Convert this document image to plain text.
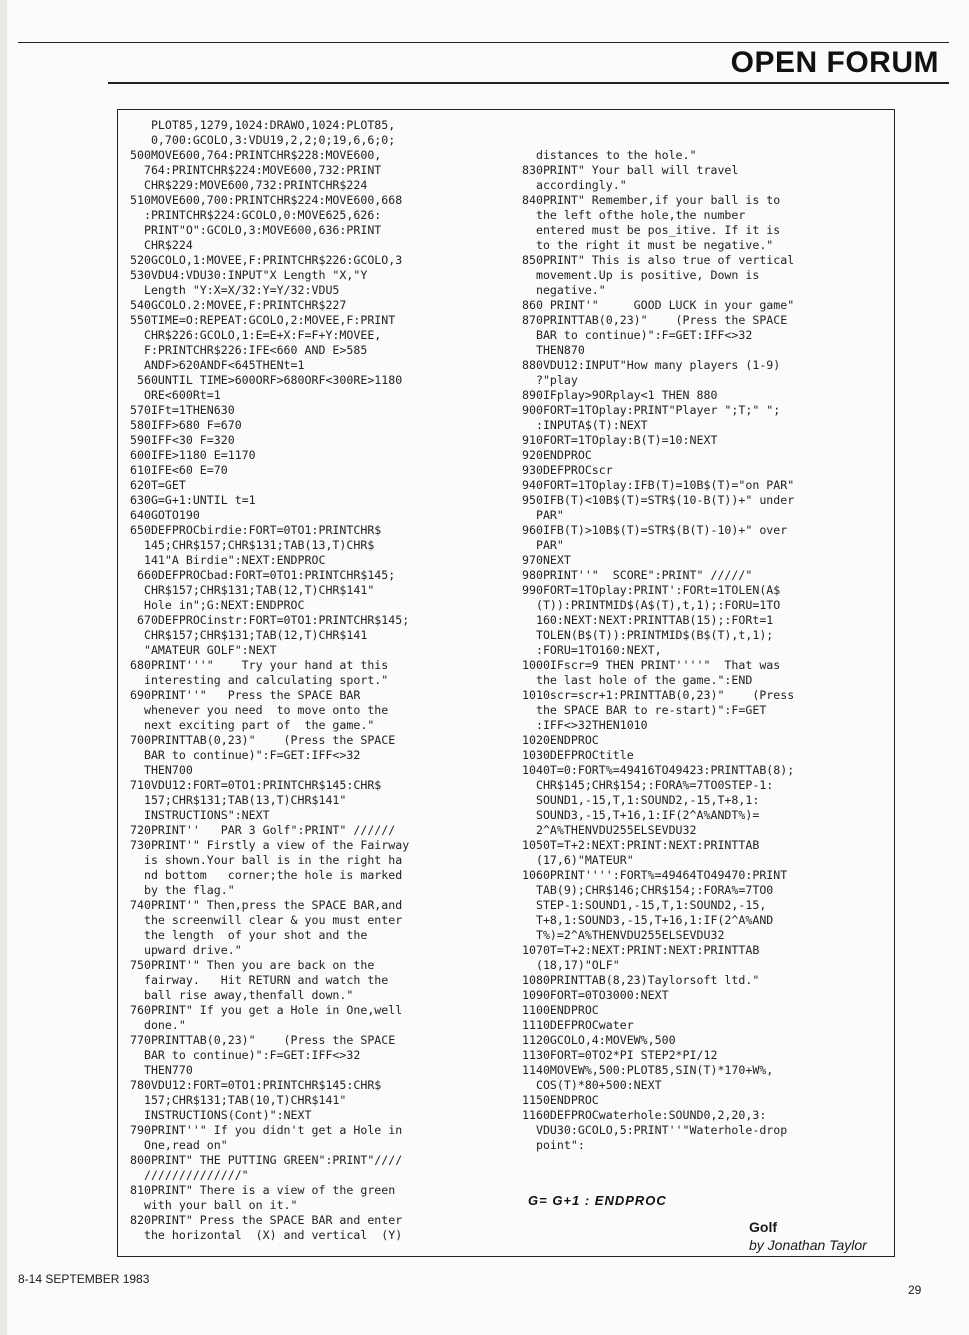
OPEN FORUM
PLOT85,1279,1024:DRAWO,1024:PLOT85,
0,700:GCOLO,3:VDU19,2,2;0;19,6,6;0;
500MOVE600,764:PRINTCHR$228:MOVE600,
764:PRINTCHR$224:MOVE600,732:PRINT
CHR$229:MOVE600,732:PRINTCHR$224
510MOVE600,700:PRINTCHR$224:MOVE600,668
:PRINTCHR$224:GCOLO,0:MOVE625,626:
PRINT"O":GCOLO,3:MOVE600,636:PRINT
CHR$224
520GCOLO,1:MOVEE,F:PRINTCHR$226:GCOLO,3
530VDU4:VDU30:INPUT"X Length "X,"Y
Length "Y:X=X/32:Y=Y/32:VDU5
540GCOLO.2:MOVEE,F:PRINTCHR$227
550TIME=O:REPEAT:GCOLO,2:MOVEE,F:PRINT
CHR$226:GCOLO,1:E=E+X:F=F+Y:MOVEE,
F:PRINTCHR$226:IFE<660 AND E>585
ANDF>620ANDF<645THENt=1
560UNTIL TIME>600ORF>680ORF<300RE>1180
ORE<600Rt=1
570IFt=1THEN630
580IFF>680 F=670
590IFF<30 F=320
600IFE>1180 E=1170
610IFE<60 E=70
620T=GET
630G=G+1:UNTIL t=1
640GOTO190
650DEFPROCbirdie:FORT=0TO1:PRINTCHR$
145;CHR$157;CHR$131;TAB(13,T)CHR$
141"A Birdie":NEXT:ENDPROC
660DEFPROCbad:FORT=0TO1:PRINTCHR$145;
CHR$157;CHR$131;TAB(12,T)CHR$141"
Hole in";G:NEXT:ENDPROC
670DEFPROCinstr:FORT=0TO1:PRINTCHR$145;
CHR$157;CHR$131;TAB(12,T)CHR$141
"AMATEUR GOLF":NEXT
680PRINT'''"    Try your hand at this
interesting and calculating sport."
690PRINT''"   Press the SPACE BAR
whenever you need  to move onto the
next exciting part of  the game."
700PRINTTAB(0,23)"    (Press the SPACE
BAR to continue)":F=GET:IFF<>32
THEN700
710VDU12:FORT=0TO1:PRINTCHR$145:CHR$
157;CHR$131;TAB(13,T)CHR$141"
INSTRUCTIONS":NEXT
720PRINT''   PAR 3 Golf":PRINT" //////
730PRINT'" Firstly a view of the Fairway
is shown.Your ball is in the right ha
nd bottom   corner;the hole is marked
by the flag."
740PRINT'" Then,press the SPACE BAR,and
the screenwill clear & you must enter
the length  of your shot and the
upward drive."
750PRINT'" Then you are back on the
fairway.   Hit RETURN and watch the
ball rise away,thenfall down."
760PRINT" If you get a Hole in One,well
done."
770PRINTTAB(0,23)"    (Press the SPACE
BAR to continue)":F=GET:IFF<>32
THEN770
780VDU12:FORT=0TO1:PRINTCHR$145:CHR$
157;CHR$131;TAB(10,T)CHR$141"
INSTRUCTIONS(Cont)":NEXT
790PRINT''" If you didn't get a Hole in
One,read on"
800PRINT" THE PUTTING GREEN":PRINT"////
//////////////"
810PRINT" There is a view of the green
with your ball on it."
820PRINT" Press the SPACE BAR and enter
the horizontal  (X) and vertical  (Y)

distances to the hole."
830PRINT" Your ball will travel
accordingly."
840PRINT" Remember,if your ball is to
the left ofthe hole,the number
entered must be pos_itive. If it is
to the right it must be negative."
850PRINT" This is also true of vertical
movement.Up is positive, Down is
negative."
860 PRINT'"     GOOD LUCK in your game"
870PRINTTAB(0,23)"    (Press the SPACE
BAR to continue)":F=GET:IFF<>32
THEN870
880VDU12:INPUT"How many players (1-9)
?"play
890IFplay>9ORplay<1 THEN 880
900FORT=1TOplay:PRINT"Player ";T;" ";
:INPUTA$(T):NEXT
910FORT=1TOplay:B(T)=10:NEXT
920ENDPROC
930DEFPROCscr
940FORT=1TOplay:IFB(T)=10B$(T)="on PAR"
950IFB(T)<10B$(T)=STR$(10-B(T))+" under
PAR"
960IFB(T)>10B$(T)=STR$(B(T)-10)+" over
PAR"
970NEXT
980PRINT''"  SCORE":PRINT" /////"
990FORT=1TOplay:PRINT':FORt=1TOLEN(A$
(T)):PRINTMID$(A$(T),t,1);:FORU=1TO
160:NEXT:NEXT:PRINTTAB(15);:FORt=1
TOLEN(B$(T)):PRINTMID$(B$(T),t,1);
:FORU=1TO160:NEXT,
1000IFscr=9 THEN PRINT''''"  That was
the last hole of the game.":END
1010scr=scr+1:PRINTTAB(0,23)"    (Press
the SPACE BAR to re-start)":F=GET
:IFF<>32THEN1010
1020ENDPROC
1030DEFPROCtitle
1040T=0:FORT%=49416TO49423:PRINTTAB(8);
CHR$145;CHR$154;:FORA%=7TO0STEP-1:
SOUND1,-15,T,1:SOUND2,-15,T+8,1:
SOUND3,-15,T+16,1:IF(2^A%ANDT%)=
2^A%THENVDU255ELSEVDU32
1050T=T+2:NEXT:PRINT:NEXT:PRINTTAB
(17,6)"MATEUR"
1060PRINT'''':FORT%=49464TO49470:PRINT
TAB(9);CHR$146;CHR$154;:FORA%=7TO0
STEP-1:SOUND1,-15,T,1:SOUND2,-15,
T+8,1:SOUND3,-15,T+16,1:IF(2^A%AND
T%)=2^A%THENVDU255ELSEVDU32
1070T=T+2:NEXT:PRINT:NEXT:PRINTTAB
(18,17)"OLF"
1080PRINTTAB(8,23)Taylorsoft ltd."
1090FORT=0TO3000:NEXT
1100ENDPROC
1110DEFPROCwater
1120GCOLO,4:MOVEW%,500
1130FORT=0TO2*PI STEP2*PI/12
1140MOVEW%,500:PLOT85,SIN(T)*170+W%,
COS(T)*80+500:NEXT
1150ENDPROC
1160DEFPROCwaterhole:SOUND0,2,20,3:
VDU30:GCOLO,5:PRINT''"Waterhole-drop
point":

G= G+1 : ENDPROC

Golf
by Jonathan Taylor
8-14 SEPTEMBER 1983
29
